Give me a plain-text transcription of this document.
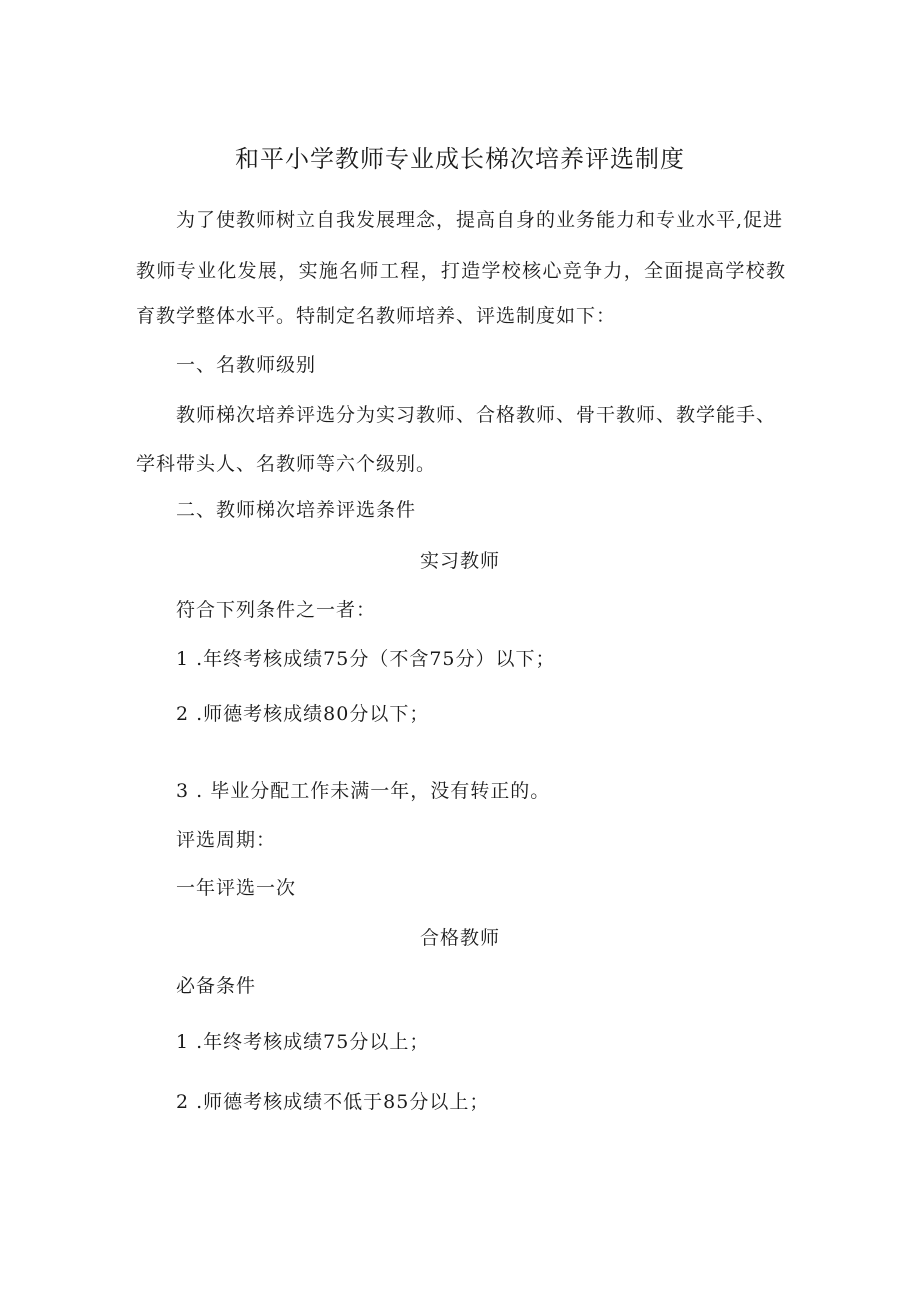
和平小学教师专业成长梯次培养评选制度
为了使教师树立自我发展理念，提高自身的业务能力和专业水平,促进
教师专业化发展，实施名师工程，打造学校核心竞争力，全面提高学校教
育教学整体水平。特制定名教师培养、评选制度如下：
一、名教师级别
教师梯次培养评选分为实习教师、合格教师、骨干教师、教学能手、
学科带头人、名教师等六个级别。
二、教师梯次培养评选条件
实习教师
符合下列条件之一者：
1 .年终考核成绩75分（不含75分）以下；
2 .师德考核成绩80分以下；
3 . 毕业分配工作未满一年，没有转正的。
评选周期：
一年评选一次
合格教师
必备条件
1 .年终考核成绩75分以上；
2 .师德考核成绩不低于85分以上；
